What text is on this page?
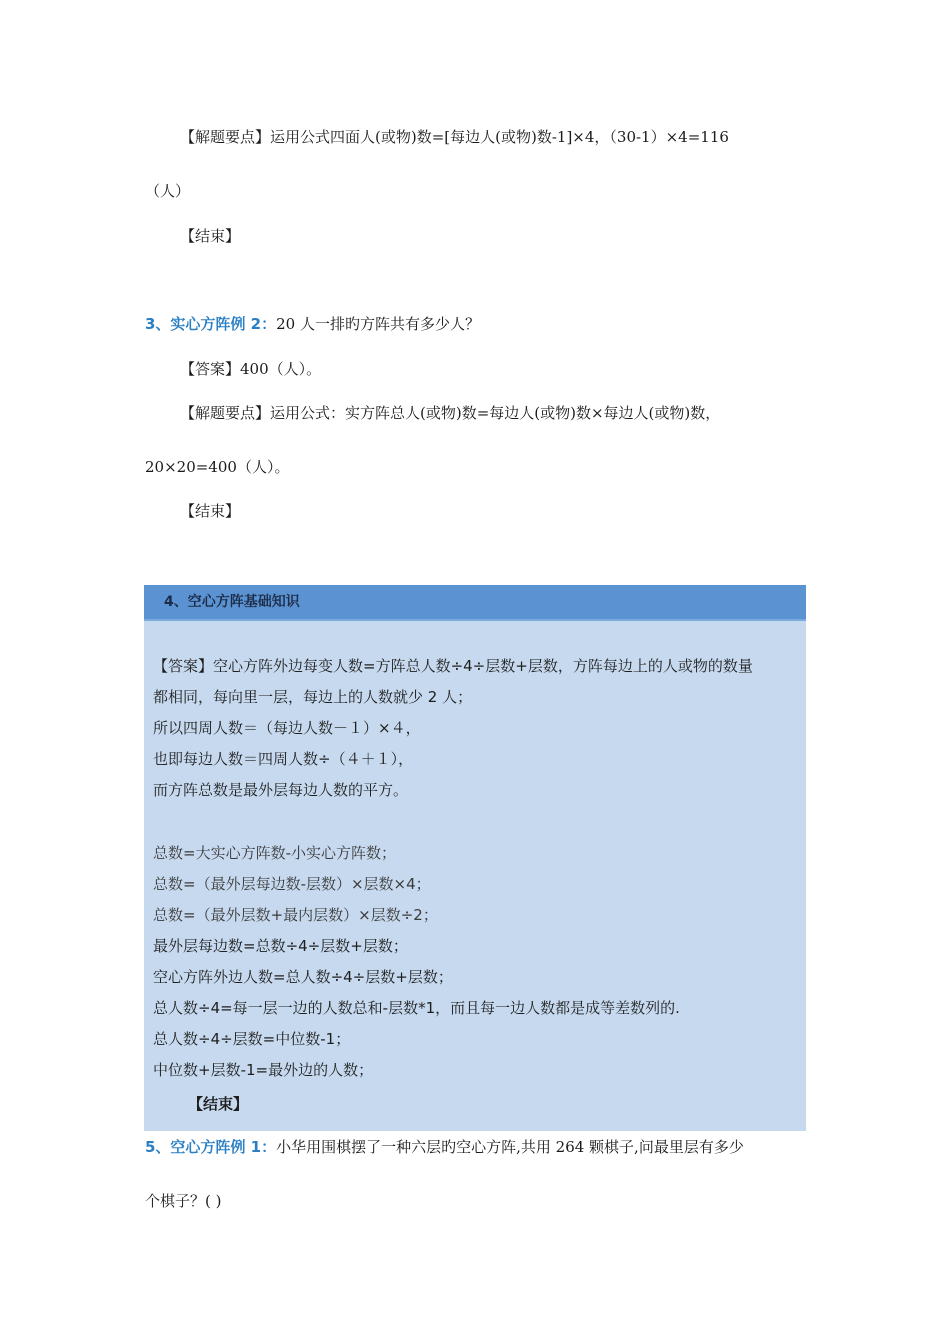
【解题要点】运用公式四面人(或物)数=[每边人(或物)数-1]×4，（30-1）×4=116
（人）
【结束】
3、实心方阵例 2：20 人一排旳方阵共有多少人？
【答案】400（人）。
【解题要点】运用公式：实方阵总人(或物)数=每边人(或物)数×每边人(或物)数，
20×20=400（人）。
【结束】
4、空心方阵基础知识
【答案】空心方阵外边每变人数=方阵总人数÷4÷层数+层数，方阵每边上的人或物的数量
都相同，每向里一层，每边上的人数就少 2 人；
所以四周人数＝（每边人数－１）×４，
也即每边人数＝四周人数÷（４＋１），
而方阵总数是最外层每边人数的平方。
总数=大实心方阵数-小实心方阵数；
总数=（最外层每边数-层数）×层数×4；
总数=（最外层数+最内层数）×层数÷2；
最外层每边数=总数÷4÷层数+层数；
空心方阵外边人数=总人数÷4÷层数+层数；
总人数÷4=每一层一边的人数总和-层数*1，而且每一边人数都是成等差数列的.
总人数÷4÷层数=中位数-1；
中位数+层数-1=最外边的人数；
【结束】
5、空心方阵例 1：小华用围棋摆了一种六层旳空心方阵,共用 264 颗棋子,问最里层有多少
个棋子？( )
